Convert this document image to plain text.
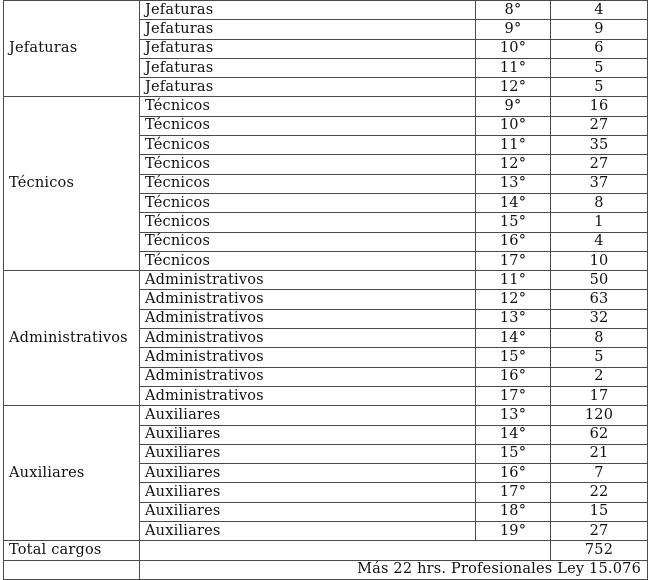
Jefaturas	Jefaturas	8°	4
	Jefaturas	9°	9
	Jefaturas	10°	6
	Jefaturas	11°	5
	Jefaturas	12°	5
Técnicos	Técnicos	9°	16
	Técnicos	10°	27
	Técnicos	11°	35
	Técnicos	12°	27
	Técnicos	13°	37
	Técnicos	14°	8
	Técnicos	15°	1
	Técnicos	16°	4
	Técnicos	17°	10
Administrativos	Administrativos	11°	50
	Administrativos	12°	63
	Administrativos	13°	32
	Administrativos	14°	8
	Administrativos	15°	5
	Administrativos	16°	2
	Administrativos	17°	17
Auxiliares	Auxiliares	13°	120
	Auxiliares	14°	62
	Auxiliares	15°	21
	Auxiliares	16°	7
	Auxiliares	17°	22
	Auxiliares	18°	15
	Auxiliares	19°	27
Total cargos			752
	Más 22 hrs. Profesionales Ley 15.076		
